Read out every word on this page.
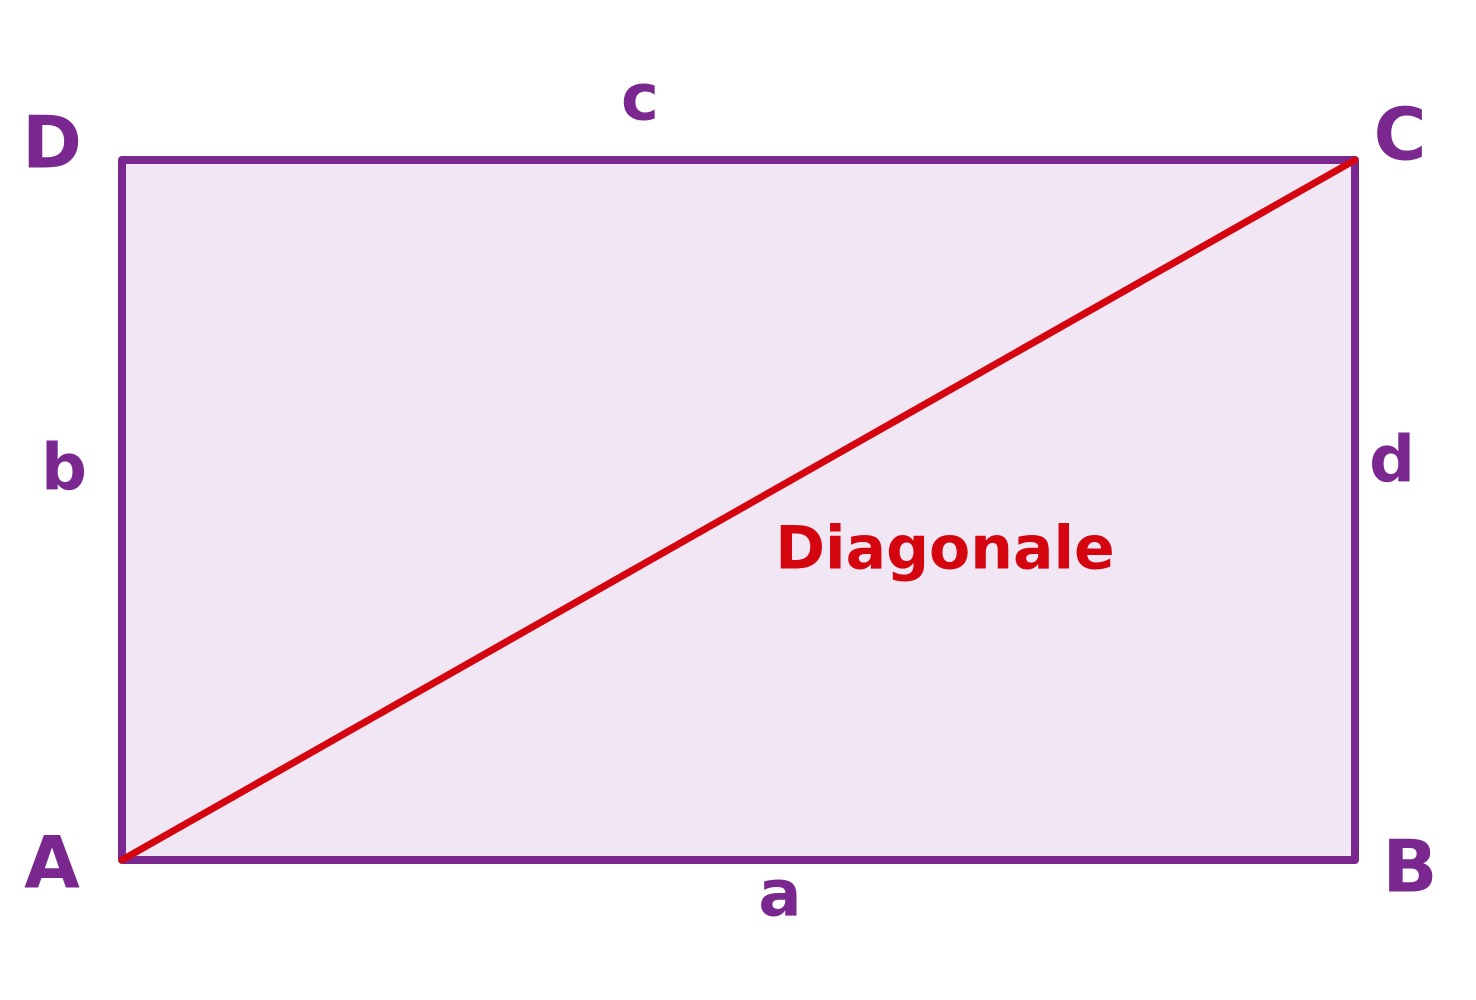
D	C
A	B
c
b	d
a
Diagonale
